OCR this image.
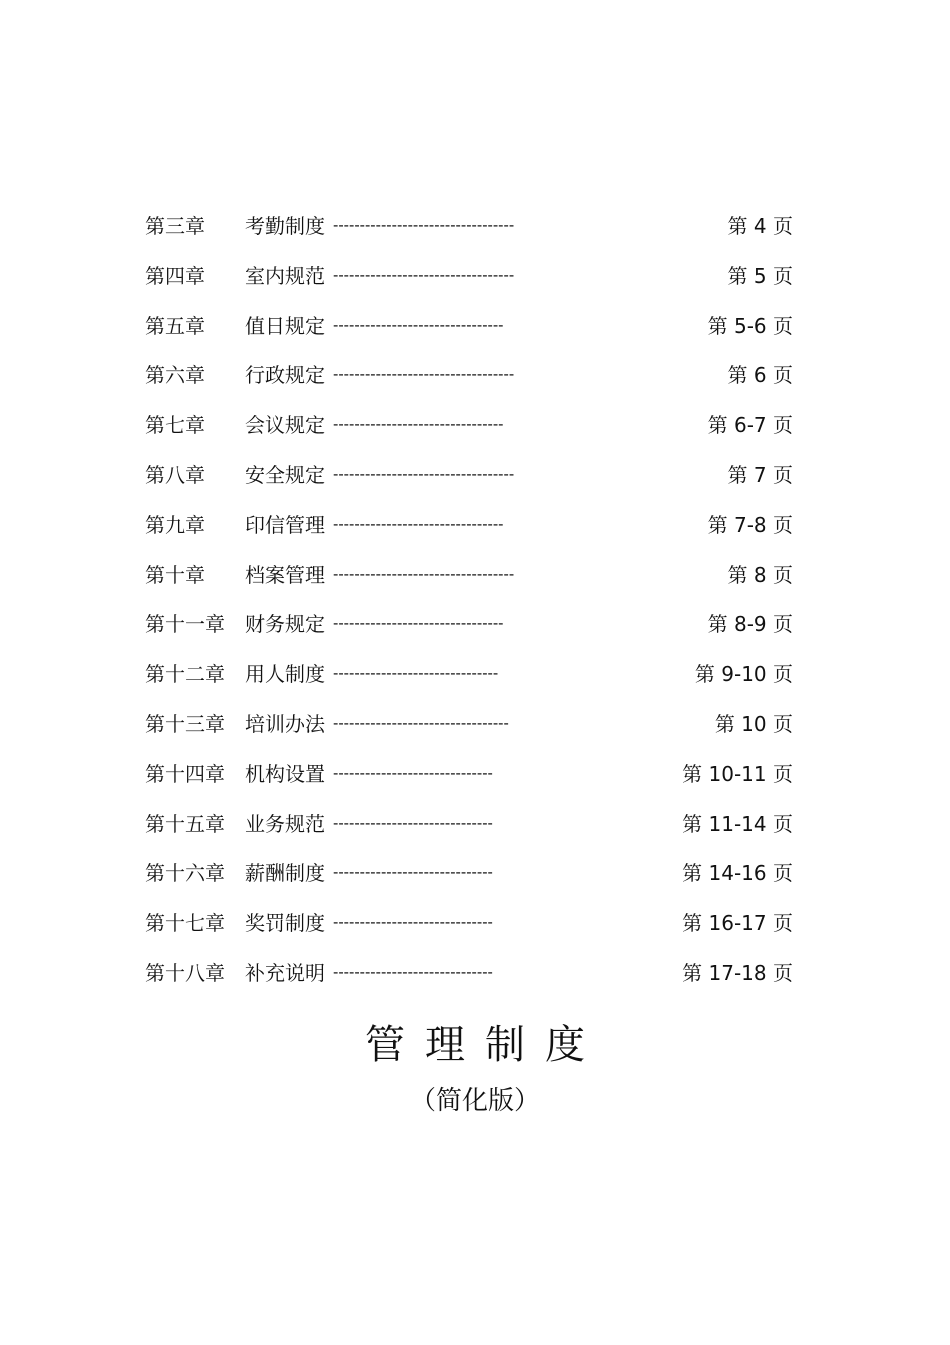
第三章 考勤制度 ----------------------------------	第 4 页
第四章 室内规范 ----------------------------------	第 5 页
第五章 值日规定 --------------------------------	第 5-6 页
第六章 行政规定 ----------------------------------	第 6 页
第七章 会议规定 --------------------------------	第 6-7 页
第八章 安全规定 ----------------------------------	第 7 页
第九章 印信管理 --------------------------------	第 7-8 页
第十章 档案管理 ----------------------------------	第 8 页
第十一章 财务规定 --------------------------------	第 8-9 页
第十二章 用人制度 -------------------------------	第 9-10 页
第十三章 培训办法 ---------------------------------	第 10 页
第十四章 机构设置 ------------------------------	第 10-11 页
第十五章 业务规范 ------------------------------	第 11-14 页
第十六章 薪酬制度 ------------------------------	第 14-16 页
第十七章 奖罚制度 ------------------------------	第 16-17 页
第十八章 补充说明 ------------------------------	第 17-18 页
管理制度
（简化版）
